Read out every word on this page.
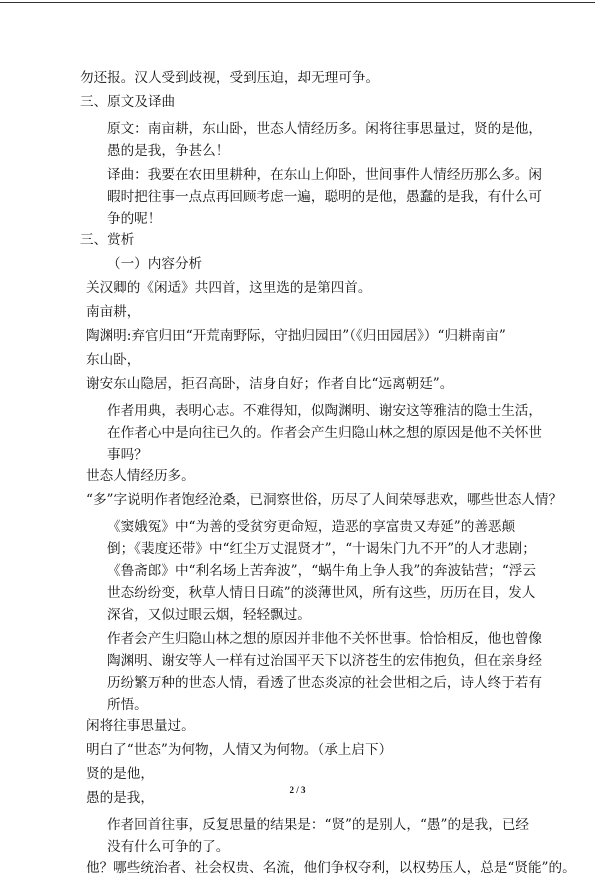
勿还报。汉人受到歧视，受到压迫，却无理可争。
三、原文及译曲
原文：南亩耕，东山卧，世态人情经历多。闲将往事思量过，贤的是他，愚的是我，争甚么！
译曲：我要在农田里耕种，在东山上仰卧，世间事件人情经历那么多。闲暇时把往事一点点再回顾考虑一遍，聪明的是他，愚蠢的是我，有什么可争的呢！
三、赏析
（一）内容分析
关汉卿的《闲适》共四首，这里选的是第四首。
南亩耕，
陶渊明:弃官归田“开荒南野际，守拙归园田”（《归田园居》）“归耕南亩”
东山卧，
谢安东山隐居，拒召高卧，洁身自好；作者自比“远离朝廷”。
作者用典，表明心志。不难得知，似陶渊明、谢安这等雅洁的隐士生活，在作者心中是向往已久的。作者会产生归隐山林之想的原因是他不关怀世事吗？
世态人情经历多。
“多”字说明作者饱经沧桑，已洞察世俗，历尽了人间荣辱悲欢，哪些世态人情？
《窦娥冤》中“为善的受贫穷更命短，造恶的享富贵又寿延”的善恶颠倒；《裴度还带》中“红尘万丈混贤才”，“十谒朱门九不开”的人才悲剧；《鲁斋郎》中“利名场上苦奔波”，“蜗牛角上争人我”的奔波钻营；“浮云世态纷纷变，秋草人情日日疏”的淡薄世风，所有这些，历历在目，发人深省，又似过眼云烟，轻轻飘过。
作者会产生归隐山林之想的原因并非他不关怀世事。恰恰相反，他也曾像陶渊明、谢安等人一样有过治国平天下以济苍生的宏伟抱负，但在亲身经历纷繁万种的世态人情，看透了世态炎凉的社会世相之后，诗人终于若有所悟。
闲将往事思量过。
明白了“世态”为何物，人情又为何物。（承上启下）
贤的是他，
愚的是我，
作者回首往事，反复思量的结果是：“贤”的是别人，“愚”的是我，已经没有什么可争的了。
他？哪些统治者、社会权贵、名流，他们争权夺利，以权势压人，总是“贤能”的。
2 / 3
